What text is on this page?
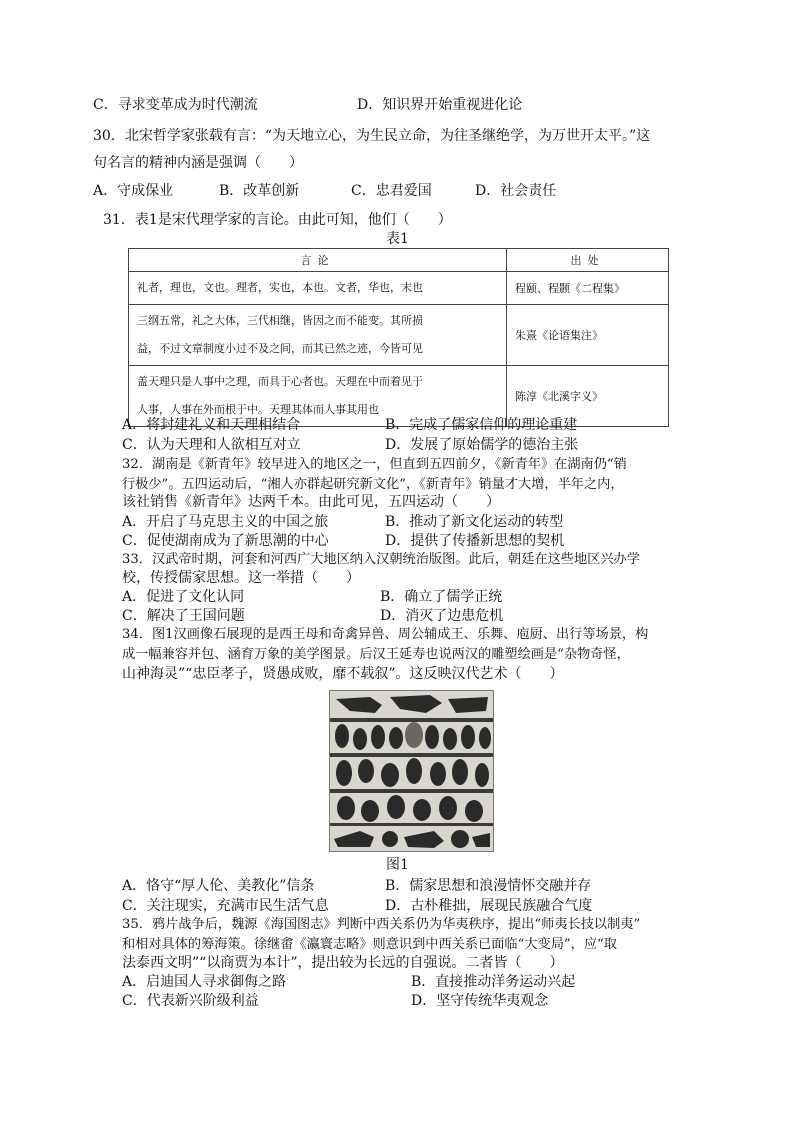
C．寻求变革成为时代潮流	D．知识界开始重视进化论
30．北宋哲学家张载有言：“为天地立心，为生民立命，为往圣继绝学，为万世开太平。”这
句名言的精神内涵是强调（　　）
A．守成保业	B．改革创新	C．忠君爱国	D．社会责任
31．表1是宋代理学家的言论。由此可知，他们（　　）
表1
言论	出处
礼者，理也，文也。理者，实也，本也。文者，华也，末也	程颐、程颢《二程集》
三纲五常，礼之大体，三代相继，皆因之而不能变。其所损
益，不过文章制度小过不及之间，而其已然之迹，今皆可见	朱熹《论语集注》
盖天理只是人事中之理，而具于心者也。天理在中而着见于
人事，人事在外而根于中。天理其体而人事其用也	陈淳《北溪字义》
A．将封建礼义和天理相结合	B．完成了儒家信仰的理论重建
C．认为天理和人欲相互对立	D．发展了原始儒学的德治主张
32．湖南是《新青年》较早进入的地区之一，但直到五四前夕，《新青年》在湖南仍“销
行极少”。五四运动后，“湘人亦群起研究新文化”，《新青年》销量才大增，半年之内，
该社销售《新青年》达两千本。由此可见，五四运动（　　）
A．开启了马克思主义的中国之旅	B．推动了新文化运动的转型
C．促使湖南成为了新思潮的中心	D．提供了传播新思想的契机
33．汉武帝时期，河套和河西广大地区纳入汉朝统治版图。此后，朝廷在这些地区兴办学
校，传授儒家思想。这一举措（　　）
A．促进了文化认同	B．确立了儒学正统
C．解决了王国问题	D．消灭了边患危机
34．图1汉画像石展现的是西王母和奇禽异兽、周公辅成王、乐舞、庖厨、出行等场景，构
成一幅兼容并包、涵育万象的美学图景。后汉王延寿也说两汉的雕塑绘画是“杂物奇怪，
山神海灵”“忠臣孝子，贤愚成败，靡不载叙”。这反映汉代艺术（　　）
图1
A．恪守“厚人伦、美教化”信条	B．儒家思想和浪漫情怀交融并存
C．关注现实，充满市民生活气息	D．古朴稚拙，展现民族融合气度
35．鸦片战争后，魏源《海国图志》判断中西关系仍为华夷秩序，提出“师夷长技以制夷”
和相对具体的筹海策。徐继畬《瀛寰志略》则意识到中西关系已面临“大变局”，应“取
法泰西文明”“以商贾为本计”，提出较为长远的自强说。二者皆（　　）
A．启迪国人寻求御侮之路	B．直接推动洋务运动兴起
C．代表新兴阶级利益	D．坚守传统华夷观念
